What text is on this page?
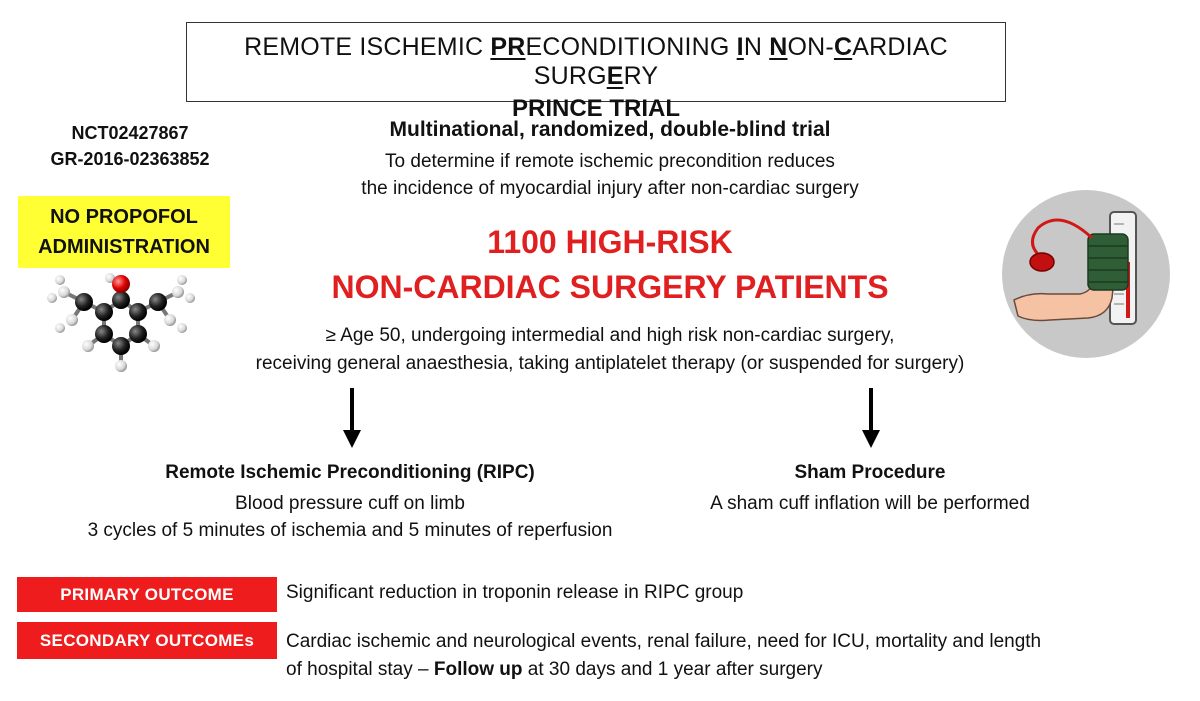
REMOTE ISCHEMIC PRECONDITIONING IN NON-CARDIAC SURGERY
PRINCE TRIAL
NCT02427867
GR-2016-02363852
NO PROPOFOL
ADMINISTRATION
Multinational, randomized, double-blind trial
To determine if remote ischemic precondition reduces
the incidence of myocardial injury after non-cardiac surgery
1100 HIGH-RISK
NON-CARDIAC SURGERY PATIENTS
≥ Age 50, undergoing intermedial and high risk non-cardiac surgery,
receiving general anaesthesia, taking antiplatelet therapy (or suspended for surgery)
Remote Ischemic Preconditioning (RIPC)
Blood pressure cuff on limb
3 cycles of 5 minutes of ischemia and 5 minutes of reperfusion
Sham Procedure
A sham cuff inflation will be performed
PRIMARY OUTCOME	Significant reduction in troponin release in RIPC group
SECONDARY OUTCOMEs	Cardiac ischemic and neurological events, renal failure, need for ICU, mortality and length
of hospital stay – Follow up at 30 days and 1 year after surgery
